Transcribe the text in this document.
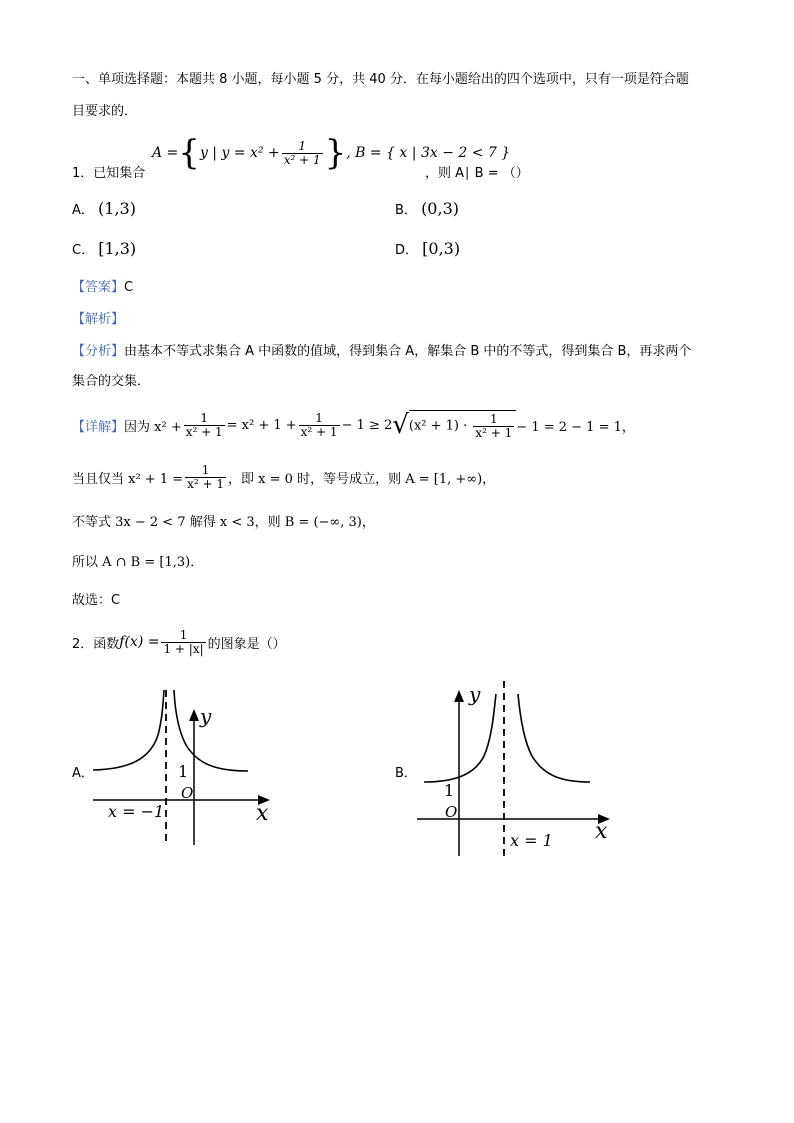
一、单项选择题：本题共 8 小题，每小题 5 分，共 40 分．在每小题给出的四个选项中，只有一项是符合题
目要求的．
1．已知集合
A = { y | $y = x^2 + \frac{1}{\text{x² + 1}}$ } , B = { x | 3x − 2 < 7 }
，则 A∣ B = （）
A． (1,3)	B． (0,3)
C． [1,3)	D． [0,3)
【答案】C
【解析】
【分析】由基本不等式求集合 A 中函数的值域，得到集合 A，解集合 B 中的不等式，得到集合 B，再求两个
集合的交集．
【详解】 因为 $x^2 + \frac{1}{\text{x² + 1}} = x^2 + 1 + \frac{1}{\text{x² + 1}} - 1 \ge 2$ √ $(x^2 + 1) \cdot \frac{1}{\text{x² + 1}} - 1 = 2 - 1 = 1$，
当且仅当 $x^2 + 1 = \frac{1}{\text{x² + 1}}$ ，即 x = 0 时，等号成立，则 A = [1, +∞)，
不等式 3x − 2 < 7 解得 x < 3，则 B = (−∞, 3)，
所以 A ∩ B = [1,3)．
故选：C
2．函数 $f(x) = \frac{1}{1 + |x|}$ 的图象是（）
A．
y
x
1
O
x = −1
B．
y
x
1
O
x = 1
